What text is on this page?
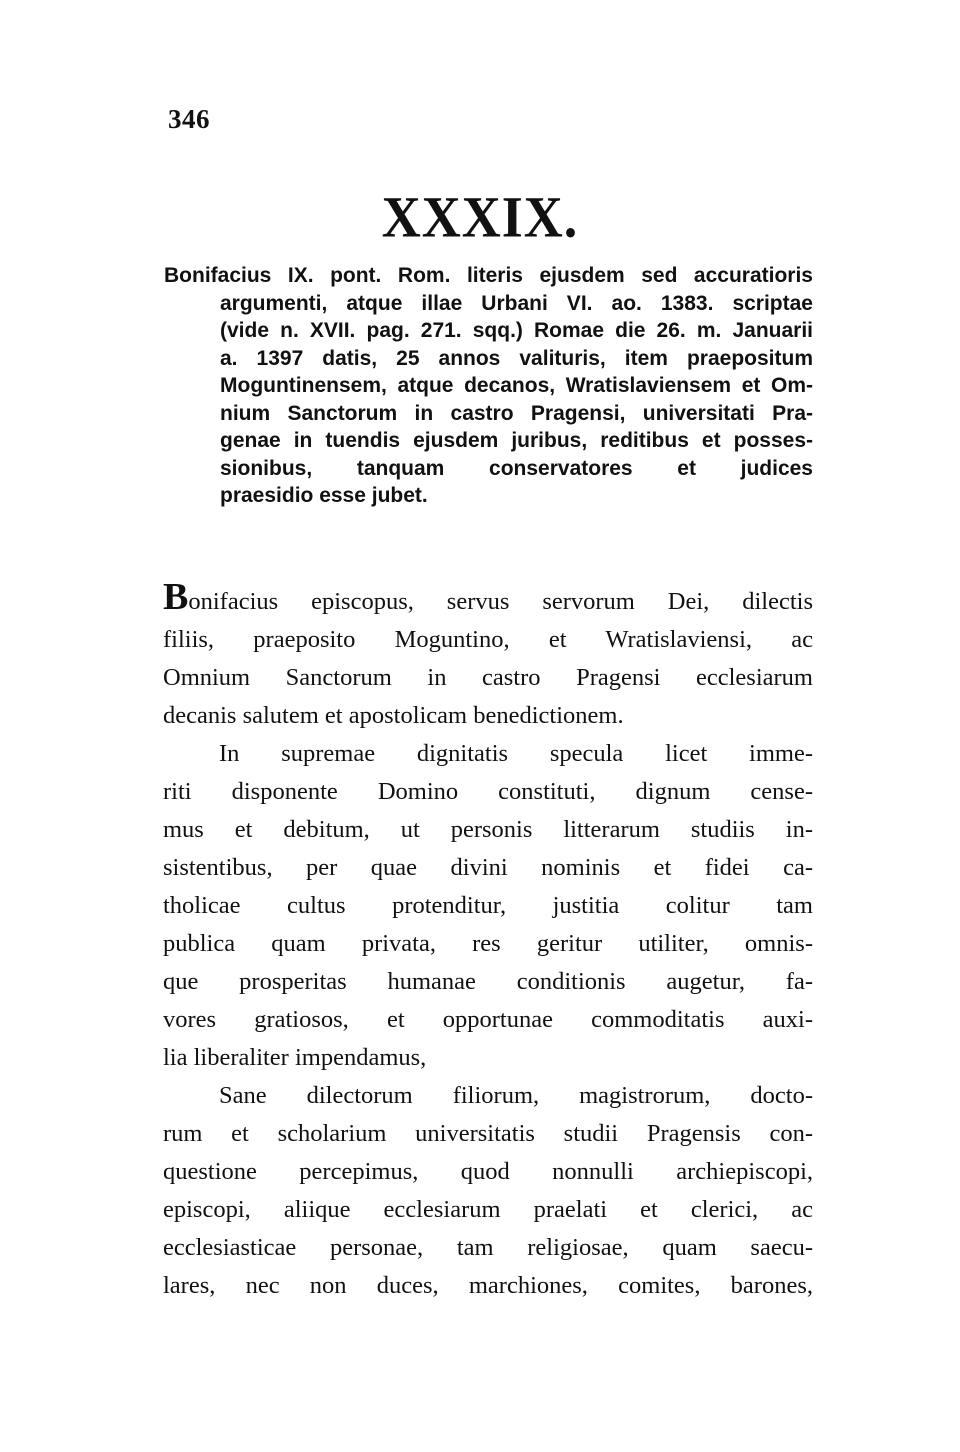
346
XXXIX.
Bonifacius IX. pont. Rom. literis ejusdem sed accuratioris
argumenti, atque illae Urbani VI. ao. 1383. scriptae
(vide n. XVII. pag. 271. sqq.) Romae die 26. m. Januarii
a. 1397 datis, 25 annos valituris, item praepositum
Moguntinensem, atque decanos, Wratislaviensem et Om-
nium Sanctorum in castro Pragensi, universitati Pra-
genae in tuendis ejusdem juribus, reditibus et posses-
sionibus, tanquam conservatores et judices
praesidio esse jubet.
Bonifacius episcopus, servus servorum Dei, dilectis
filiis, praeposito Moguntino, et Wratislaviensi, ac
Omnium Sanctorum in castro Pragensi ecclesiarum
decanis salutem et apostolicam benedictionem.
In supremae dignitatis specula licet imme-
riti disponente Domino constituti, dignum cense-
mus et debitum, ut personis litterarum studiis in-
sistentibus, per quae divini nominis et fidei ca-
tholicae cultus protenditur, justitia colitur tam
publica quam privata, res geritur utiliter, omnis-
que prosperitas humanae conditionis augetur, fa-
vores gratiosos, et opportunae commoditatis auxi-
lia liberaliter impendamus,
Sane dilectorum filiorum, magistrorum, docto-
rum et scholarium universitatis studii Pragensis con-
questione percepimus, quod nonnulli archiepiscopi,
episcopi, aliique ecclesiarum praelati et clerici, ac
ecclesiasticae personae, tam religiosae, quam saecu-
lares, nec non duces, marchiones, comites, barones,
